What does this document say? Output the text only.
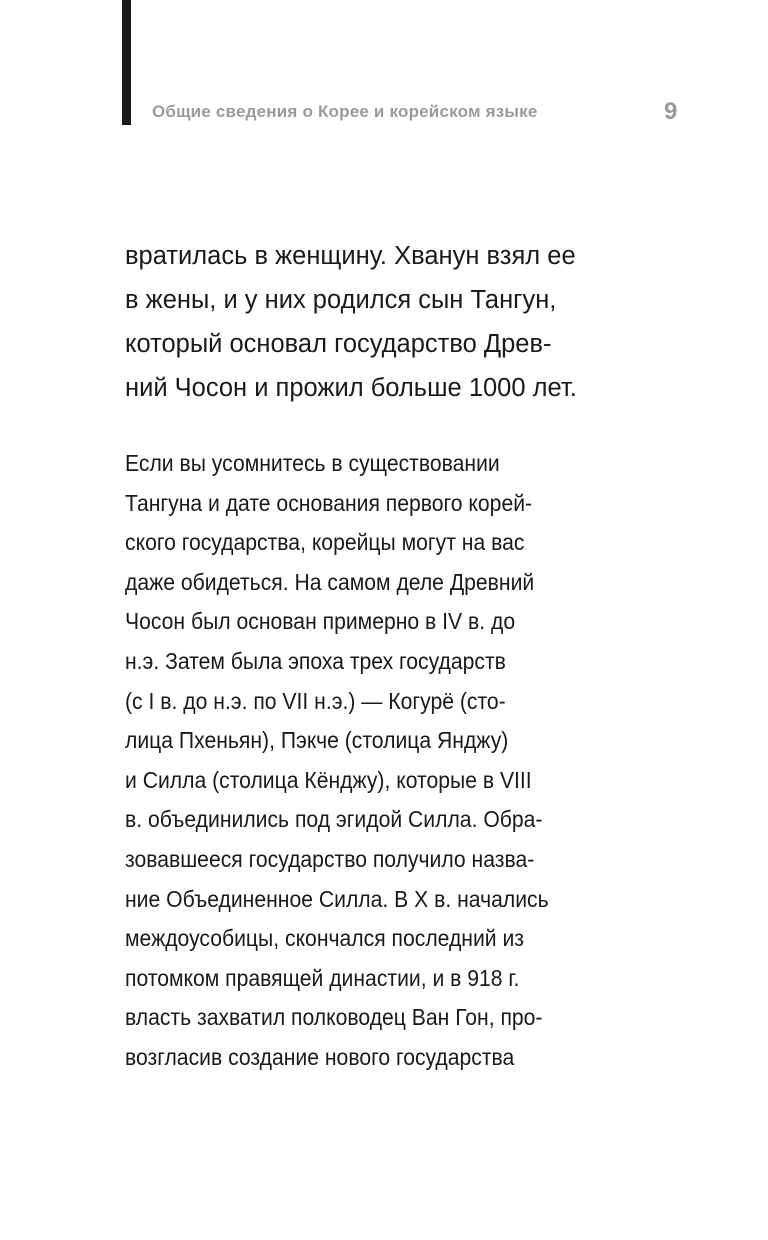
Общие сведения о Корее и корейском языке	9
вратилась в женщину. Хванун взял ее
в жены, и у них родился сын Тангун,
который основал государство Древ-
ний Чосон и прожил больше 1000 лет.
Если вы усомнитесь в существовании
Тангуна и дате основания первого корей-
ского государства, корейцы могут на вас
даже обидеться. На самом деле Древний
Чосон был основан примерно в IV в. до
н.э. Затем была эпоха трех государств
(с I в. до н.э. по VII н.э.) — Когурё (сто-
лица Пхеньян), Пэкче (столица Янджу)
и Силла (столица Кёнджу), которые в VIII
в. объединились под эгидой Силла. Обра-
зовавшееся государство получило назва-
ние Объединенное Силла. В X в. начались
междоусобицы, скончался последний из
потомком правящей династии, и в 918 г.
власть захватил полководец Ван Гон, про-
возгласив создание нового государства
